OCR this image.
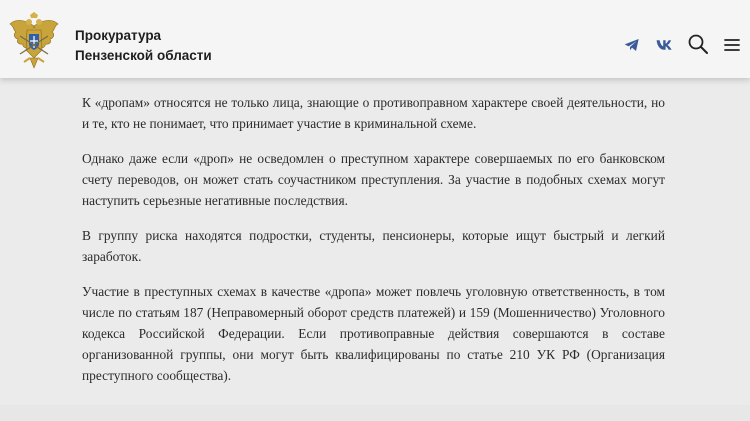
Прокуратура
Пензенской области

К «дропам» относятся не только лица, знающие о противоправном характере своей деятельности, но и те, кто не понимает, что принимает участие в криминальной схеме.

Однако даже если «дроп» не осведомлен о преступном характере совершаемых по его банковском счету переводов, он может стать соучастником преступления. За участие в подобных схемах могут наступить серьезные негативные последствия.

В группу риска находятся подростки, студенты, пенсионеры, которые ищут быстрый и легкий заработок.

Участие в преступных схемах в качестве «дропа» может повлечь уголовную ответственность, в том числе по статьям 187 (Неправомерный оборот средств платежей) и 159 (Мошенничество) Уголовного кодекса Российской Федерации. Если противоправные действия совершаются в составе организованной группы, они могут быть квалифицированы по статье 210 УК РФ (Организация преступного сообщества).
